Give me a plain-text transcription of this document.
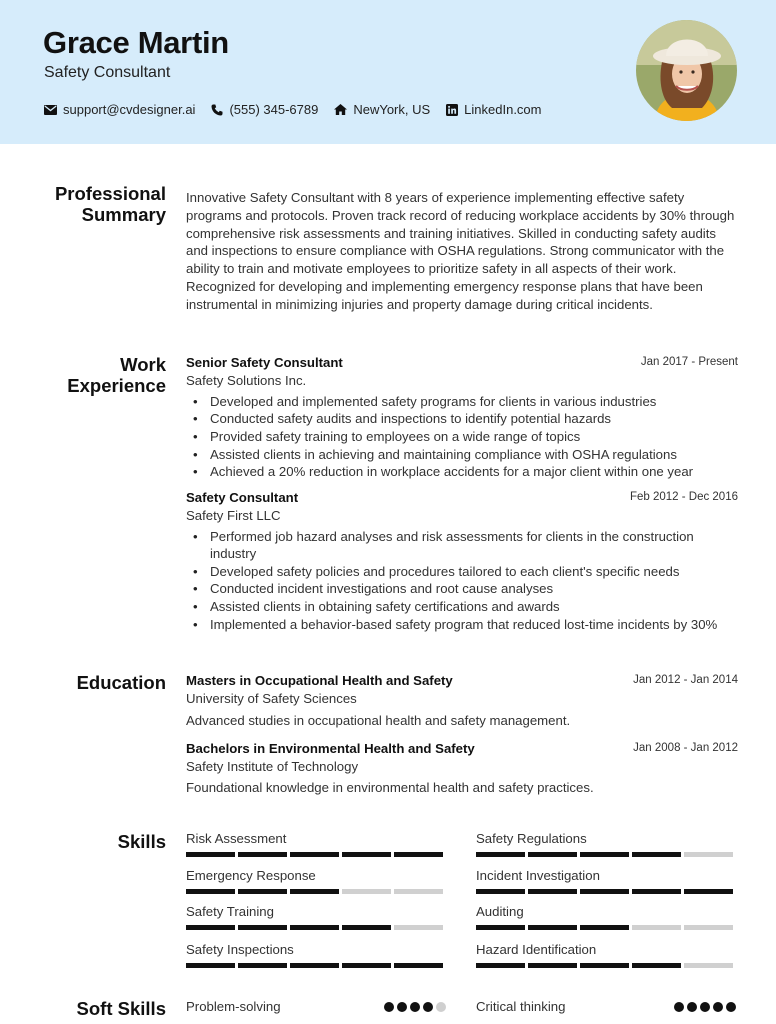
Grace Martin
Safety Consultant
support@cvdesigner.ai	(555) 345-6789	NewYork, US	LinkedIn.com
Professional
Summary
Innovative Safety Consultant with 8 years of experience implementing effective safety programs and protocols. Proven track record of reducing workplace accidents by 30% through comprehensive risk assessments and training initiatives. Skilled in conducting safety audits and inspections to ensure compliance with OSHA regulations. Strong communicator with the ability to train and motivate employees to prioritize safety in all aspects of their work. Recognized for developing and implementing emergency response plans that have been instrumental in minimizing injuries and property damage during critical incidents.
Work
Experience
Senior Safety Consultant	Jan 2017 - Present
Safety Solutions Inc.
• Developed and implemented safety programs for clients in various industries
• Conducted safety audits and inspections to identify potential hazards
• Provided safety training to employees on a wide range of topics
• Assisted clients in achieving and maintaining compliance with OSHA regulations
• Achieved a 20% reduction in workplace accidents for a major client within one year
Safety Consultant	Feb 2012 - Dec 2016
Safety First LLC
• Performed job hazard analyses and risk assessments for clients in the construction industry
• Developed safety policies and procedures tailored to each client's specific needs
• Conducted incident investigations and root cause analyses
• Assisted clients in obtaining safety certifications and awards
• Implemented a behavior-based safety program that reduced lost-time incidents by 30%
Education Masters in Occupational Health and Safety	Jan 2012 - Jan 2014
University of Safety Sciences
Advanced studies in occupational health and safety management.
Bachelors in Environmental Health and Safety	Jan 2008 - Jan 2012
Safety Institute of Technology
Foundational knowledge in environmental health and safety practices.
Skills Risk Assessment	Safety Regulations
Emergency Response	Incident Investigation
Safety Training	Auditing
Safety Inspections	Hazard Identification
Soft Skills Problem-solving	Critical thinking
